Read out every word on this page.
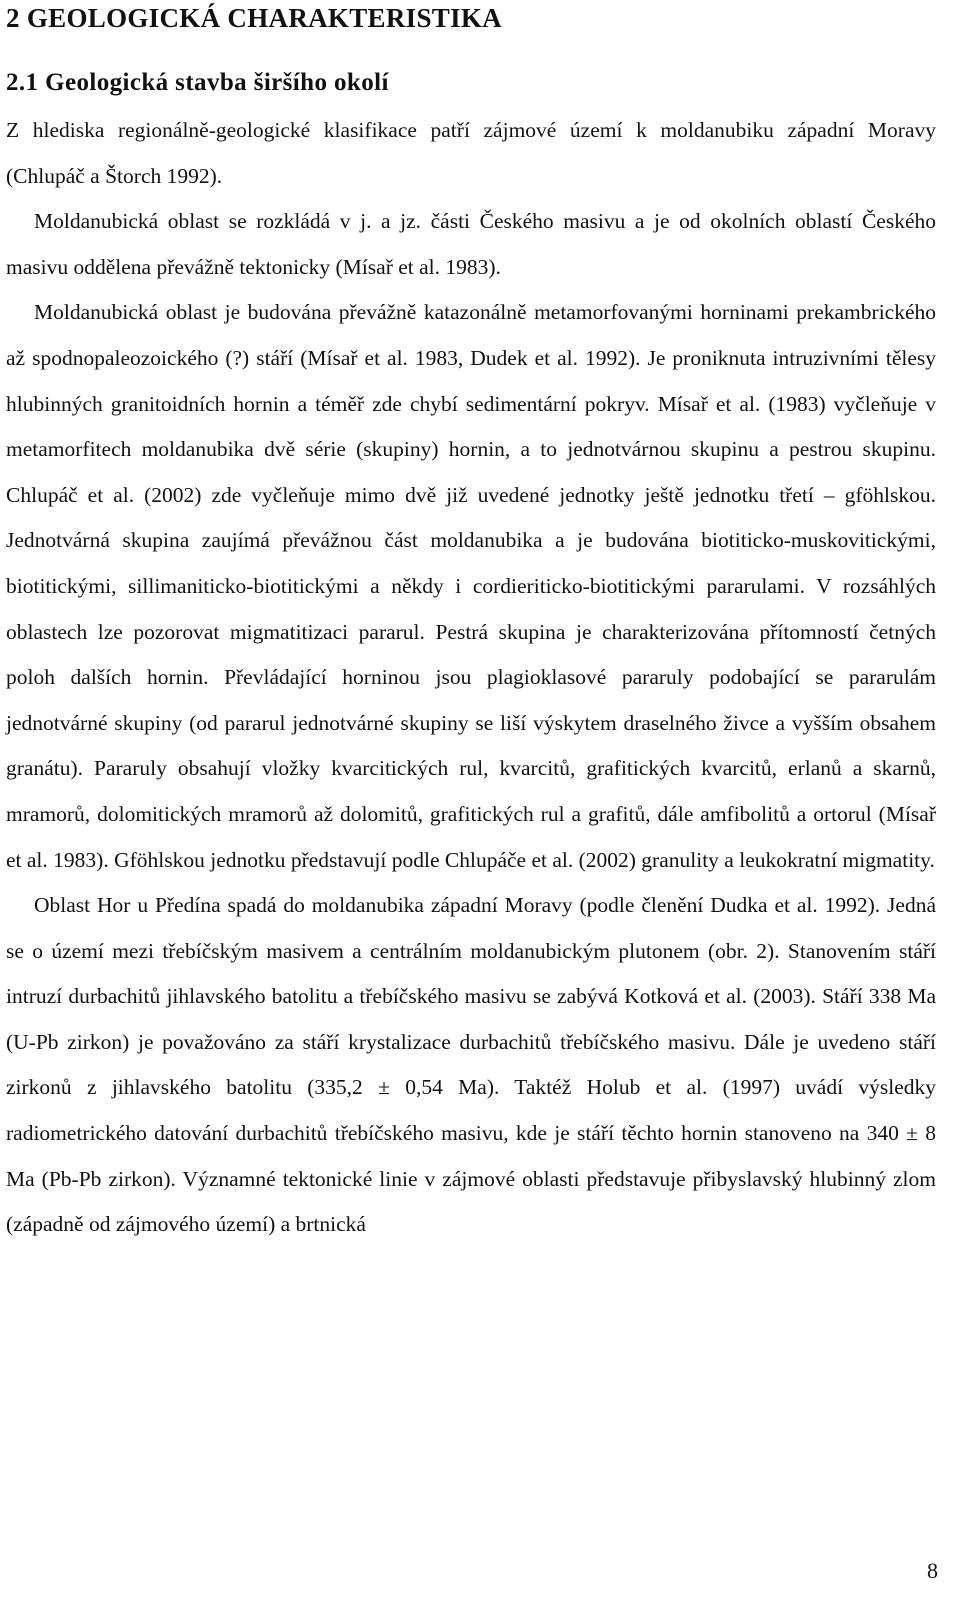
2 GEOLOGICKÁ CHARAKTERISTIKA
2.1 Geologická stavba širšího okolí

Z hlediska regionálně-geologické klasifikace patří zájmové území k moldanubiku západní Moravy (Chlupáč a Štorch 1992).

Moldanubická oblast se rozkládá v j. a jz. části Českého masivu a je od okolních oblastí Českého masivu oddělena převážně tektonicky (Mísař et al. 1983).

Moldanubická oblast je budována převážně katazonálně metamorfovanými horninami prekambrického až spodnopaleozoického (?) stáří (Mísař et al. 1983, Dudek et al. 1992). Je proniknuta intruzivními tělesy hlubinných granitoidních hornin a téměř zde chybí sedimentární pokryv. Mísař et al. (1983) vyčleňuje v metamorfitech moldanubika dvě série (skupiny) hornin, a to jednotvárnou skupinu a pestrou skupinu. Chlupáč et al. (2002) zde vyčleňuje mimo dvě již uvedené jednotky ještě jednotku třetí – gföhlskou. Jednotvárná skupina zaujímá převážnou část moldanubika a je budována biotiticko-muskovitickými, biotitickými, sillimaniticko-biotitickými a někdy i cordieriticko-biotitickými pararulami. V rozsáhlých oblastech lze pozorovat migmatitizaci pararul. Pestrá skupina je charakterizována přítomností četných poloh dalších hornin. Převládající horninou jsou plagioklasové pararuly podobající se pararulám jednotvárné skupiny (od pararul jednotvárné skupiny se liší výskytem draselného živce a vyšším obsahem granátu). Pararuly obsahují vložky kvarcitických rul, kvarcitů, grafitických kvarcitů, erlanů a skarnů, mramorů, dolomitických mramorů až dolomitů, grafitických rul a grafitů, dále amfibolitů a ortorul (Mísař et al. 1983). Gföhlskou jednotku představují podle Chlupáče et al. (2002) granulity a leukokratní migmatity.

Oblast Hor u Předína spadá do moldanubika západní Moravy (podle členění Dudka et al. 1992). Jedná se o území mezi třebíčským masivem a centrálním moldanubickým plutonem (obr. 2). Stanovením stáří intruzí durbachitů jihlavského batolitu a třebíčského masivu se zabývá Kotková et al. (2003). Stáří 338 Ma (U-Pb zirkon) je považováno za stáří krystalizace durbachitů třebíčského masivu. Dále je uvedeno stáří zirkonů z jihlavského batolitu (335,2 ± 0,54 Ma). Taktéž Holub et al. (1997) uvádí výsledky radiometrického datování durbachitů třebíčského masivu, kde je stáří těchto hornin stanoveno na 340 ± 8 Ma (Pb-Pb zirkon). Významné tektonické linie v zájmové oblasti představuje přibyslavský hlubinný zlom (západně od zájmového území) a brtnická

8
